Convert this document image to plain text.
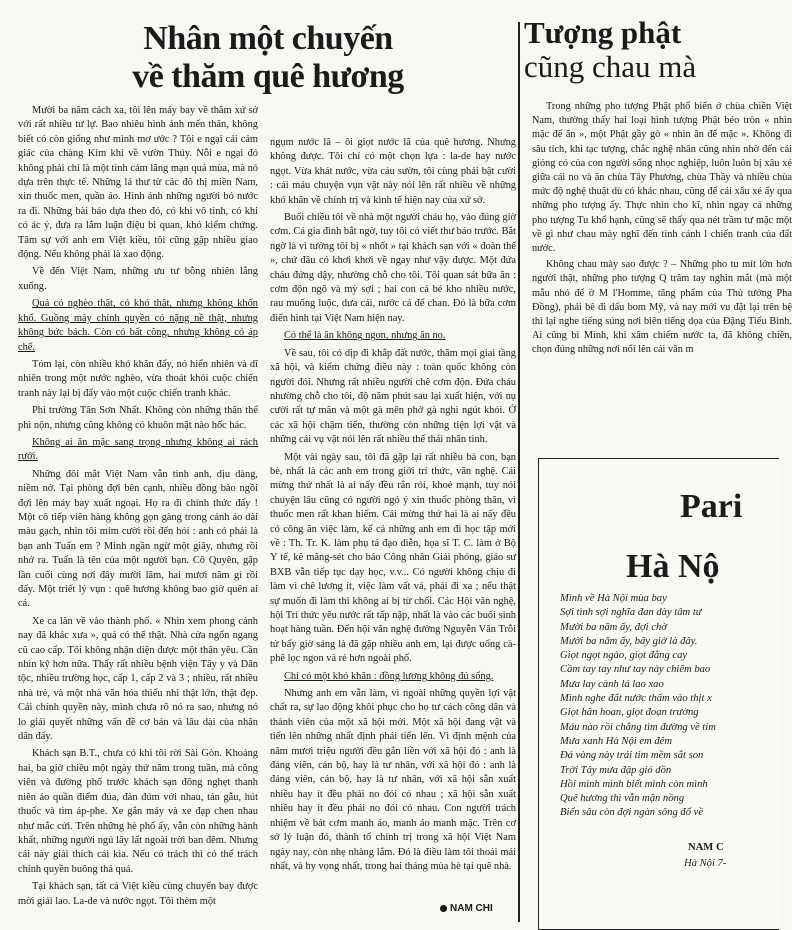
Nhân một chuyến
về thăm quê hương

Mười ba năm cách xa, tôi lên máy bay về thăm xứ sở với rất nhiều tư lự. Bao nhiêu hình ảnh mến thân, không biết có còn giống như mình mơ ước ? Tôi e ngại cái cảm giác của chàng Kim khi về vườn Thúy. Nỗi e ngại đó không phải chỉ là một tình cảm lãng mạn quá mùa, mà nó dựa trên thực tế. Những lá thư từ các đô thị miền Nam, xin thuốc men, quần áo. Hình ảnh những người bỏ nước ra đi. Những bài báo dựa theo đó, có khi vô tình, có khi có ác ý, đưa ra lắm luận điệu bi quan, khó kiểm chứng. Tâm sự với anh em Việt kiều, tôi cũng gặp nhiều giao động. Nếu không phải là xao động.

Về đến Việt Nam, những ưu tư bỗng nhiên lắng xuống.

Quả có nghèo thật, có khó thật, nhưng không khốn khổ. Guồng máy chính quyền có nặng nề thật, nhưng không bức bách. Còn có bất công, nhưng không có áp chế.

Tóm lại, còn nhiều khó khăn đấy, nó hiển nhiên và dĩ nhiên trong một nước nghèo, vừa thoát khỏi cuộc chiến tranh này lại bị đẩy vào một cuộc chiến tranh khác.

Phi trường Tân Sơn Nhất. Không còn những thân thể phì nộn, nhưng cũng không có khuôn mặt nào hốc hác.

Không ai ăn mặc sang trọng nhưng không ai rách rưới.

Những đôi mắt Việt Nam vẫn tinh anh, dịu dàng, niềm nở. Tại phòng đợi bên cạnh, nhiều đồng bào ngồi đợi lên máy bay xuất ngoại. Họ ra đi chính thức đấy ! Một cô tiếp viên hàng không gọn gàng trong cánh áo dài màu gạch, nhìn tôi mỉm cười rồi đến hỏi : anh có phải là bạn anh Tuấn em ? Minh ngần ngừ một giây, nhưng rồi nhớ ra. Tuấn là tên của một người bạn. Cô Quyên, gặp lần cuối cùng nơi đây mười lăm, hai mươi năm gì rồi đấy. Một triết lý vụn : quê hương không bao giờ quên ai cả.

Xe ca lăn về vào thành phố. « Nhìn xem phong cảnh nay đã khác xưa », quả có thế thật. Nhà cửa ngổn ngang cũ cao cấp. Tôi không nhận diện được một thân yêu. Cần nhìn kỹ hơn nữa. Thấy rất nhiều bệnh viện Tây y và Dân tộc, nhiều trường học, cấp 1, cấp 2 và 3 ; nhiều, rất nhiều nhà trẻ, và một nhà văn hóa thiếu nhi thật lớn, thật đẹp. Cái chính quyền này, mình chưa rõ nó ra sao, nhưng nó lo giải quyết những vấn đề cơ bản và lâu dài của nhân dân đấy.

Khách sạn B.T., chưa có khi tôi rời Sài Gòn. Khoảng hai, ba giờ chiều một ngày thứ năm trong tuần, mà công viên và đường phố trước khách sạn đông nghẹt thanh niên áo quần điểm đúa, đàn đúm với nhau, tán gẫu, hút thuốc và tìm áp-phe. Xe gắn máy và xe đạp chen nhau như mắc cửi. Trên những hè phố ấy, vẫn còn những hành khất, những người ngủ lây lất ngoài trời ban đêm. Nhưng cái này giải thích cái kia. Nếu có trách thì có thể trách chính quyền buông thả quá.

Tại khách sạn, tất cả Việt kiều cùng chuyến bay được mời giải lao. La-de và nước ngọt. Tôi thèm một

ngụm nước lã – ôi giọt nước lã của quê hương. Nhưng không được. Tôi chỉ có một chọn lựa : la-de hay nước ngọt. Vừa khát nước, vừa cáu sườn, tôi cùng phải bật cười : cái máu chuyện vụn vặt này nói lên rất nhiều về những khó khăn về chính trị và kinh tế hiện nay của xứ sở.

Buổi chiều tôi về nhà một người cháu họ, vào đúng giờ cơm. Cả gia đình bắt ngờ, tuy tôi có viết thư báo trước. Bắt ngờ là vì tưởng tôi bị « nhốt » tại khách sạn với « đoàn thể », chứ đâu có khơi khơi về ngay như vậy được. Một đứa cháu đứng dậy, nhường chỗ cho tôi. Tôi quan sát bữa ăn : cơm độn ngô và mỳ sợi ; hai con cá bé kho nhiều nước, rau muống luộc, dưa cải, nước cá để chan. Đó là bữa cơm điển hình tại Việt Nam hiện nay.

Có thể là ăn không ngon, nhưng ăn no.

Về sau, tôi có dịp đi khắp đất nước, thăm mọi giai tầng xã hội, và kiểm chứng điều này : toàn quốc không còn người đói. Nhưng rất nhiều người chê cơm độn. Đứa cháu nhường chỗ cho tôi, độ năm phút sau lại xuất hiện, với nụ cười rất tự mãn và một gà mên phở gà nghi ngút khói. Ở các xã hội chậm tiến, thường còn những tiện lợi vật và những cái vụ vặt nói lên rất nhiều thế thái nhân tình.

Một vài ngày sau, tôi đã gặp lại rất nhiều bà con, bạn bè, nhất là các anh em trong giới trí thức, văn nghệ. Cái mừng thứ nhất là ai nấy đều rắn rỏi, khoẻ mạnh, tuy nói chuyện lâu cũng có người ngỏ ý xin thuốc phòng thân, vì thuốc men rất khan hiếm. Cái mừng thứ hai là ai nấy đều có công ăn việc làm, kể cả những anh em đi học tập mới về : Th. Tr. K. làm phụ tá đạo diễn, họa sĩ T. C. làm ở Bộ Y tế, kê mãng-sét cho báo Công nhân Giải phóng, giáo sư BXB vẫn tiếp tục dạy học, v.v... Có người không chịu đi làm vì chê lương ít, việc làm vất vả, phải đi xa ; nếu thật sự muốn đi làm thì không ai bị từ chối. Các Hội văn nghệ, hội Trí thức yêu nước rất tấp nập, nhất là vào các buổi sinh hoạt hàng tuần. Đến hội văn nghệ đường Nguyễn Văn Trỗi tử bấy giờ sáng là đã gặp nhiều anh em, lại được uống cà-phê lọc ngon và rẻ hơn ngoài phố.

Chỉ có một khó khăn : đồng lương không đủ sống.

Nhưng anh em vẫn làm, vì ngoài những quyền lợi vật chất ra, sự lao động khôi phục cho họ tư cách công dân và thành viên của một xã hội mới. Một xã hội đang vật và tiến lên những nhất định phải tiến lên. Vì định mệnh của năm mươi triệu người đều gắn liền với xã hội đó : anh là đảng viên, cán bộ, hay là tư nhân, với xã hội đó : anh là đảng viên, cán bộ, hay là tư nhân, với xã hội sẵn xuất nhiều hay ít đều phải no đói có nhau ; xã hội sẵn xuất nhiều hay ít đều phải no đói có nhau. Con người trách nhiệm về bát cơm manh áo, manh áo manh mặc. Trên cơ sở lý luận đó, thành tố chính trị trong xã hội Việt Nam ngày nay, còn nhẹ nhàng lắm. Đó là điều làm tôi thoải mái nhất, và hy vọng nhất, trong hai tháng mùa hè tại quê nhà.

NAM CHI
Tượng phật
cũng chau mà

Trong những pho tượng Phật phổ biến ở chùa chiền Việt Nam, thường thấy hai loại hình tượng Phật béo tròn « nhìn mặc để ăn », một Phật gầy gò « nhìn ăn để mặc ». Không đi sâu tích, khi tạc tượng, chắc nghệ nhân cũng nhìn nhờ đến cái giỏng có của con người sống nhọc nghiệp, luôn luôn bị xâu xé giữa cái no và ăn chùa Tây Phương, chùa Thầy và nhiều chùa mức độ nghệ thuật dù có khác nhau, cũng để cái xâu xé ấy qua những pho tượng ấy. Thực nhìn cho kĩ, nhìn ngay cả những pho tượng Tu khổ hạnh, cũng sẽ thấy qua nét trầm tư mặc một về gì như chau mày nghĩ đến tình cảnh l chiến tranh của đất nước.

Không chau mày sao được ? – Những pho tu mít lớn hơn người thật, những pho tượng Q trâm tay nghìn mắt (mà một mẫu nhỏ để ở M l'Homme, tăng phẩm của Thủ tướng Pha Đồng), phải bê đi dấu bom Mỹ, và nay mới vu đặt lại trên bệ thì lại nghe tiếng súng nơi biên tiếng dọa của Đặng Tiểu Bình. Ai cũng bi Minh, khi xâm chiếm nước ta, đã không chiền, chọn đúng những nơi nổi lên cái văn m

Pari
Hà Nộ
Mình về Hà Nội mùa bay
Sợi tình sợi nghĩa đan dày tâm tư
Mười ba năm ấy, đợi chờ
Mười ba năm ấy, bây giờ là đây.
Giọt ngọt ngào, giọt đắng cay
Cầm tay tay như tay này chiêm bao
Mưa lay cành lá lao xao
Mình nghe đất nước thấm vào thịt x
Giọt hân hoan, giọt đoạn trường
Máu nào rồi chẳng tìm đường về tim
Mưa xanh Hà Nội em đêm
Đá vàng này trái tim mềm sắt son
Trời Tây mưa đập gió dồn
Hồi mình mình biết mình còn mình
Quê hương thì vẫn mặn nồng
Biển sâu còn đợi ngàn sông đổ về
NAM C
Hà Nội 7-
